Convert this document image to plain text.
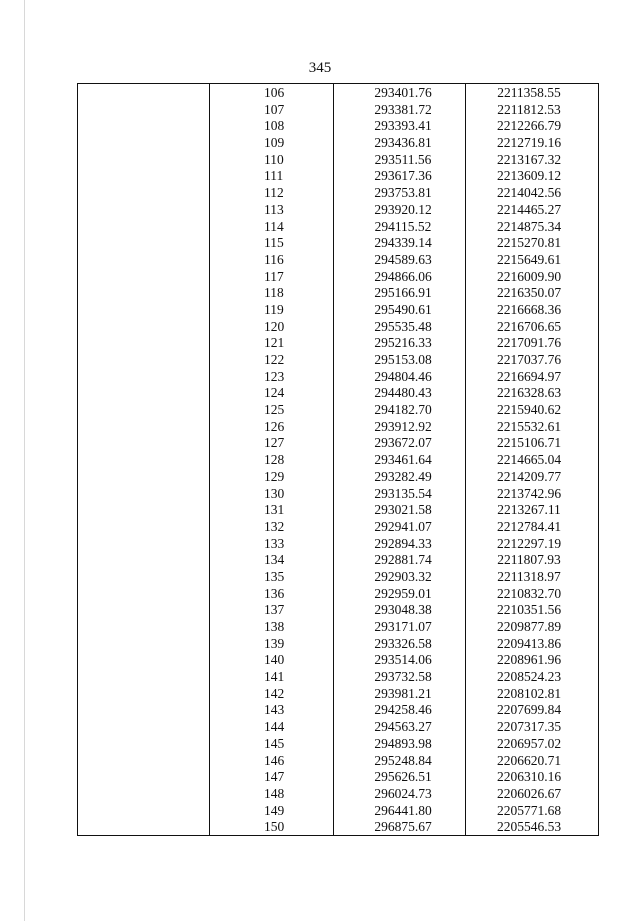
345
106	293401.76	2211358.55
107	293381.72	2211812.53
108	293393.41	2212266.79
109	293436.81	2212719.16
110	293511.56	2213167.32
111	293617.36	2213609.12
112	293753.81	2214042.56
113	293920.12	2214465.27
114	294115.52	2214875.34
115	294339.14	2215270.81
116	294589.63	2215649.61
117	294866.06	2216009.90
118	295166.91	2216350.07
119	295490.61	2216668.36
120	295535.48	2216706.65
121	295216.33	2217091.76
122	295153.08	2217037.76
123	294804.46	2216694.97
124	294480.43	2216328.63
125	294182.70	2215940.62
126	293912.92	2215532.61
127	293672.07	2215106.71
128	293461.64	2214665.04
129	293282.49	2214209.77
130	293135.54	2213742.96
131	293021.58	2213267.11
132	292941.07	2212784.41
133	292894.33	2212297.19
134	292881.74	2211807.93
135	292903.32	2211318.97
136	292959.01	2210832.70
137	293048.38	2210351.56
138	293171.07	2209877.89
139	293326.58	2209413.86
140	293514.06	2208961.96
141	293732.58	2208524.23
142	293981.21	2208102.81
143	294258.46	2207699.84
144	294563.27	2207317.35
145	294893.98	2206957.02
146	295248.84	2206620.71
147	295626.51	2206310.16
148	296024.73	2206026.67
149	296441.80	2205771.68
150	296875.67	2205546.53
